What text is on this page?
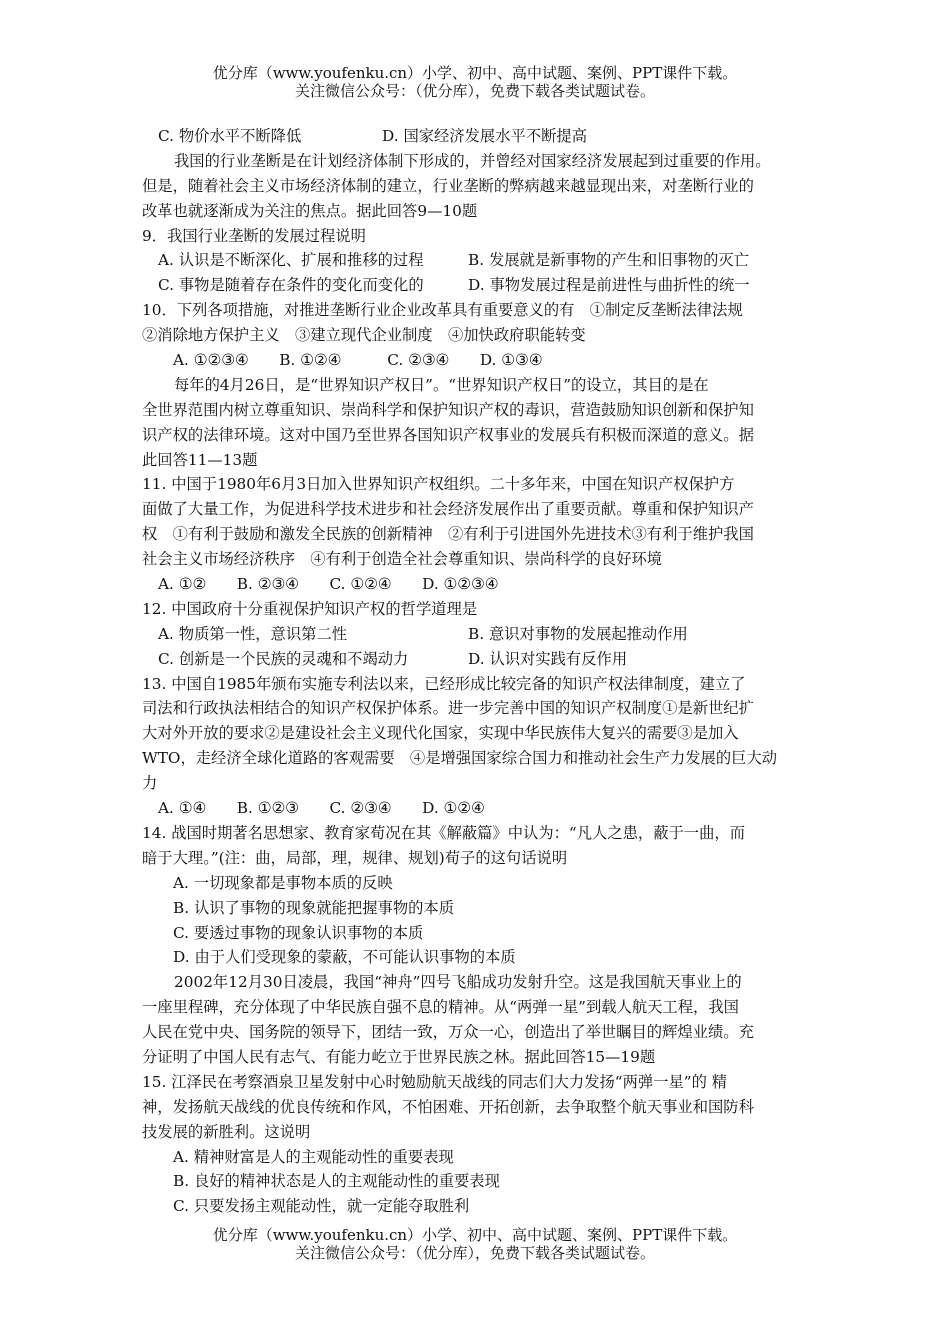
优分库（www.youfenku.cn）小学、初中、高中试题、案例、PPT课件下载。
关注微信公众号：（优分库），免费下载各类试题试卷。
C. 物价水平不断降低	D. 国家经济发展水平不断提高
我国的行业垄断是在计划经济体制下形成的，并曾经对国家经济发展起到过重要的作用。
但是，随着社会主义市场经济体制的建立，行业垄断的弊病越来越显现出来，对垄断行业的
改革也就逐渐成为关注的焦点。据此回答9—10题
9．我国行业垄断的发展过程说明
A. 认识是不断深化、扩展和推移的过程	B. 发展就是新事物的产生和旧事物的灭亡
C. 事物是随着存在条件的变化而变化的	D. 事物发展过程是前进性与曲折性的统一
10．下列各项措施，对推进垄断行业企业改革具有重要意义的有　①制定反垄断法律法规
②消除地方保护主义　③建立现代企业制度　④加快政府职能转变
A. ①②③④　　B. ①②④　　　C. ②③④　　D. ①③④
每年的4月26日，是“世界知识产权日”。“世界知识产权日”的设立，其目的是在
全世界范围内树立尊重知识、崇尚科学和保护知识产权的毒识，营造鼓励知识创新和保护知
识产权的法律环境。这对中国乃至世界各国知识产权事业的发展兵有积极而深道的意义。据
此回答11—13题
11. 中国于1980年6月3日加入世界知识产权组织。二十多年来，中国在知识产权保护方
面做了大量工作，为促进科学技术进步和社会经济发展作出了重要贡献。尊重和保护知识产
权　①有利于鼓励和激发全民族的创新精神　②有利于引进国外先进技术③有利于维护我国
社会主义市场经济秩序　④有利于创造全社会尊重知识、崇尚科学的良好环境
A. ①②　　B. ②③④　　C. ①②④　　D. ①②③④
12. 中国政府十分重视保护知识产权的哲学道理是
A. 物质第一性，意识第二性	B. 意识对事物的发展起推动作用
C. 创新是一个民族的灵魂和不竭动力	D. 认识对实践有反作用
13. 中国自1985年颁布实施专利法以来，已经形成比较完备的知识产权法律制度，建立了
司法和行政执法相结合的知识产权保护体系。进一步完善中国的知识产权制度①是新世纪扩
大对外开放的要求②是建设社会主义现代化国家，实现中华民族伟大复兴的需要③是加入
WTO，走经济全球化道路的客观需要　④是增强国家综合国力和推动社会生产力发展的巨大动
力
A. ①④　　B. ①②③　　C. ②③④　　D. ①②④
14. 战国时期著名思想家、教育家荀况在其《解蔽篇》中认为：“凡人之患，蔽于一曲，而
暗于大理。”(注：曲，局部，理，规律、规划)荀子的这句话说明
A. 一切现象都是事物本质的反映
B. 认识了事物的现象就能把握事物的本质
C. 要透过事物的现象认识事物的本质
D. 由于人们受现象的蒙蔽，不可能认识事物的本质
2002年12月30日凌晨，我国“神舟”四号飞船成功发射升空。这是我国航天事业上的
一座里程碑，充分体现了中华民族自强不息的精神。从“两弹一星”到载人航天工程，我国
人民在党中央、国务院的领导下，团结一致，万众一心，创造出了举世瞩目的辉煌业绩。充
分证明了中国人民有志气、有能力屹立于世界民族之林。据此回答15—19题
15. 江泽民在考察酒泉卫星发射中心时勉励航天战线的同志们大力发扬“两弹一星”的 精
神，发扬航天战线的优良传统和作风，不怕困难、开拓创新，去争取整个航天事业和国防科
技发展的新胜利。这说明
A. 精神财富是人的主观能动性的重要表现
B. 良好的精神状态是人的主观能动性的重要表现
C. 只要发扬主观能动性，就一定能夺取胜利
优分库（www.youfenku.cn）小学、初中、高中试题、案例、PPT课件下载。
关注微信公众号：（优分库），免费下载各类试题试卷。
